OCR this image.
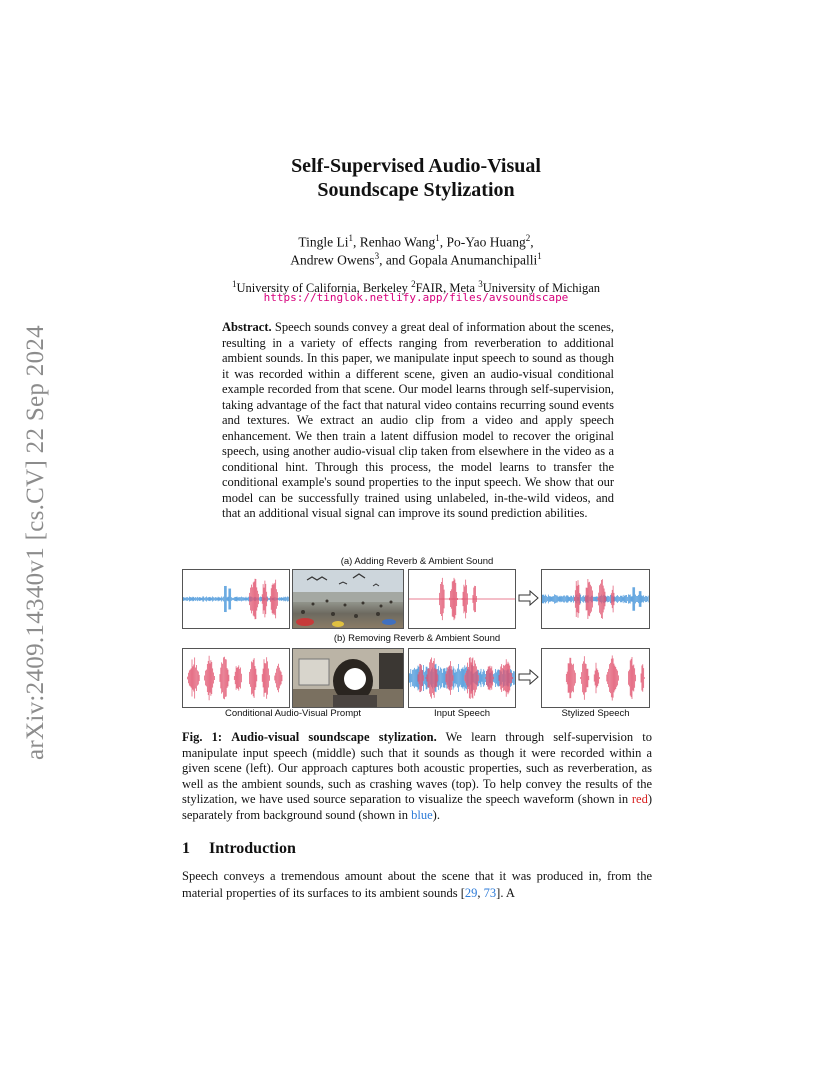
arXiv:2409.14340v1 [cs.CV] 22 Sep 2024
Self-Supervised Audio-Visual
Soundscape Stylization
Tingle Li$^1$, Renhao Wang$^1$, Po-Yao Huang$^2$,
Andrew Owens$^3$, and Gopala Anumanchipalli$^1$
$^1$University of California, Berkeley $^2$FAIR, Meta $^3$University of Michigan
https://tinglok.netlify.app/files/avsoundscape
Abstract. Speech sounds convey a great deal of information about the scenes, resulting in a variety of effects ranging from reverberation to additional ambient sounds. In this paper, we manipulate input speech to sound as though it was recorded within a different scene, given an audio-visual conditional example recorded from that scene. Our model learns through self-supervision, taking advantage of the fact that natural video contains recurring sound events and textures. We extract an audio clip from a video and apply speech enhancement. We then train a latent diffusion model to recover the original speech, using another audio-visual clip taken from elsewhere in the video as a conditional hint. Through this process, the model learns to transfer the conditional example's sound properties to the input speech. We show that our model can be successfully trained using unlabeled, in-the-wild videos, and that an additional visual signal can improve its sound prediction abilities.
(a) Adding Reverb & Ambient Sound
(b) Removing Reverb & Ambient Sound
Conditional Audio-Visual Prompt	Input Speech	Stylized Speech
Fig. 1: Audio-visual soundscape stylization. We learn through self-supervision to manipulate input speech (middle) such that it sounds as though it were recorded within a given scene (left). Our approach captures both acoustic properties, such as reverberation, as well as the ambient sounds, such as crashing waves (top). To help convey the results of the stylization, we have used source separation to visualize the speech waveform (shown in red) separately from background sound (shown in blue).
1 Introduction
Speech conveys a tremendous amount about the scene that it was produced in, from the material properties of its surfaces to its ambient sounds [29, 73]. A
